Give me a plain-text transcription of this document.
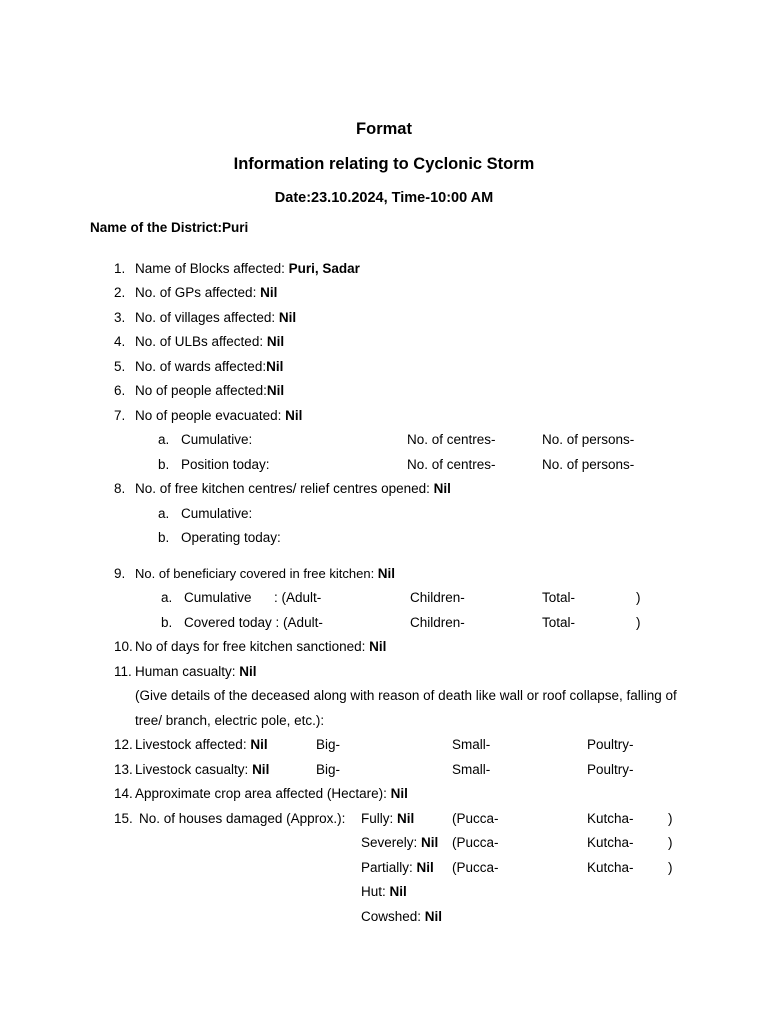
Format
Information relating to Cyclonic Storm
Date:23.10.2024, Time-10:00 AM
Name of the District:Puri
1. Name of Blocks affected: Puri, Sadar
2. No. of GPs affected: Nil
3. No. of villages affected: Nil
4. No. of ULBs affected: Nil
5. No. of wards affected:Nil
6. No of people affected:Nil
7. No of people evacuated: Nil
a. Cumulative:	No. of centres-	No. of persons-
b. Position today:	No. of centres-	No. of persons-
8. No. of free kitchen centres/ relief centres opened: Nil
a. Cumulative:
b. Operating today:
9. No. of beneficiary covered in free kitchen: Nil
a. Cumulative      : (Adult-	Children-	Total-	)
b. Covered today : (Adult-	Children-	Total-	)
10. No of days for free kitchen sanctioned: Nil
11. Human casualty: Nil
(Give details of the deceased along with reason of death like wall or roof collapse, falling of
tree/ branch, electric pole, etc.):
12. Livestock affected: Nil	Big-	Small-	Poultry-
13. Livestock casualty: Nil	Big-	Small-	Poultry-
14. Approximate crop area affected (Hectare): Nil
15. No. of houses damaged (Approx.): Fully: Nil	(Pucca-	Kutcha-	)
Severely: Nil (Pucca-	Kutcha-	)
Partially: Nil (Pucca-	Kutcha-	)
Hut: Nil
Cowshed: Nil
